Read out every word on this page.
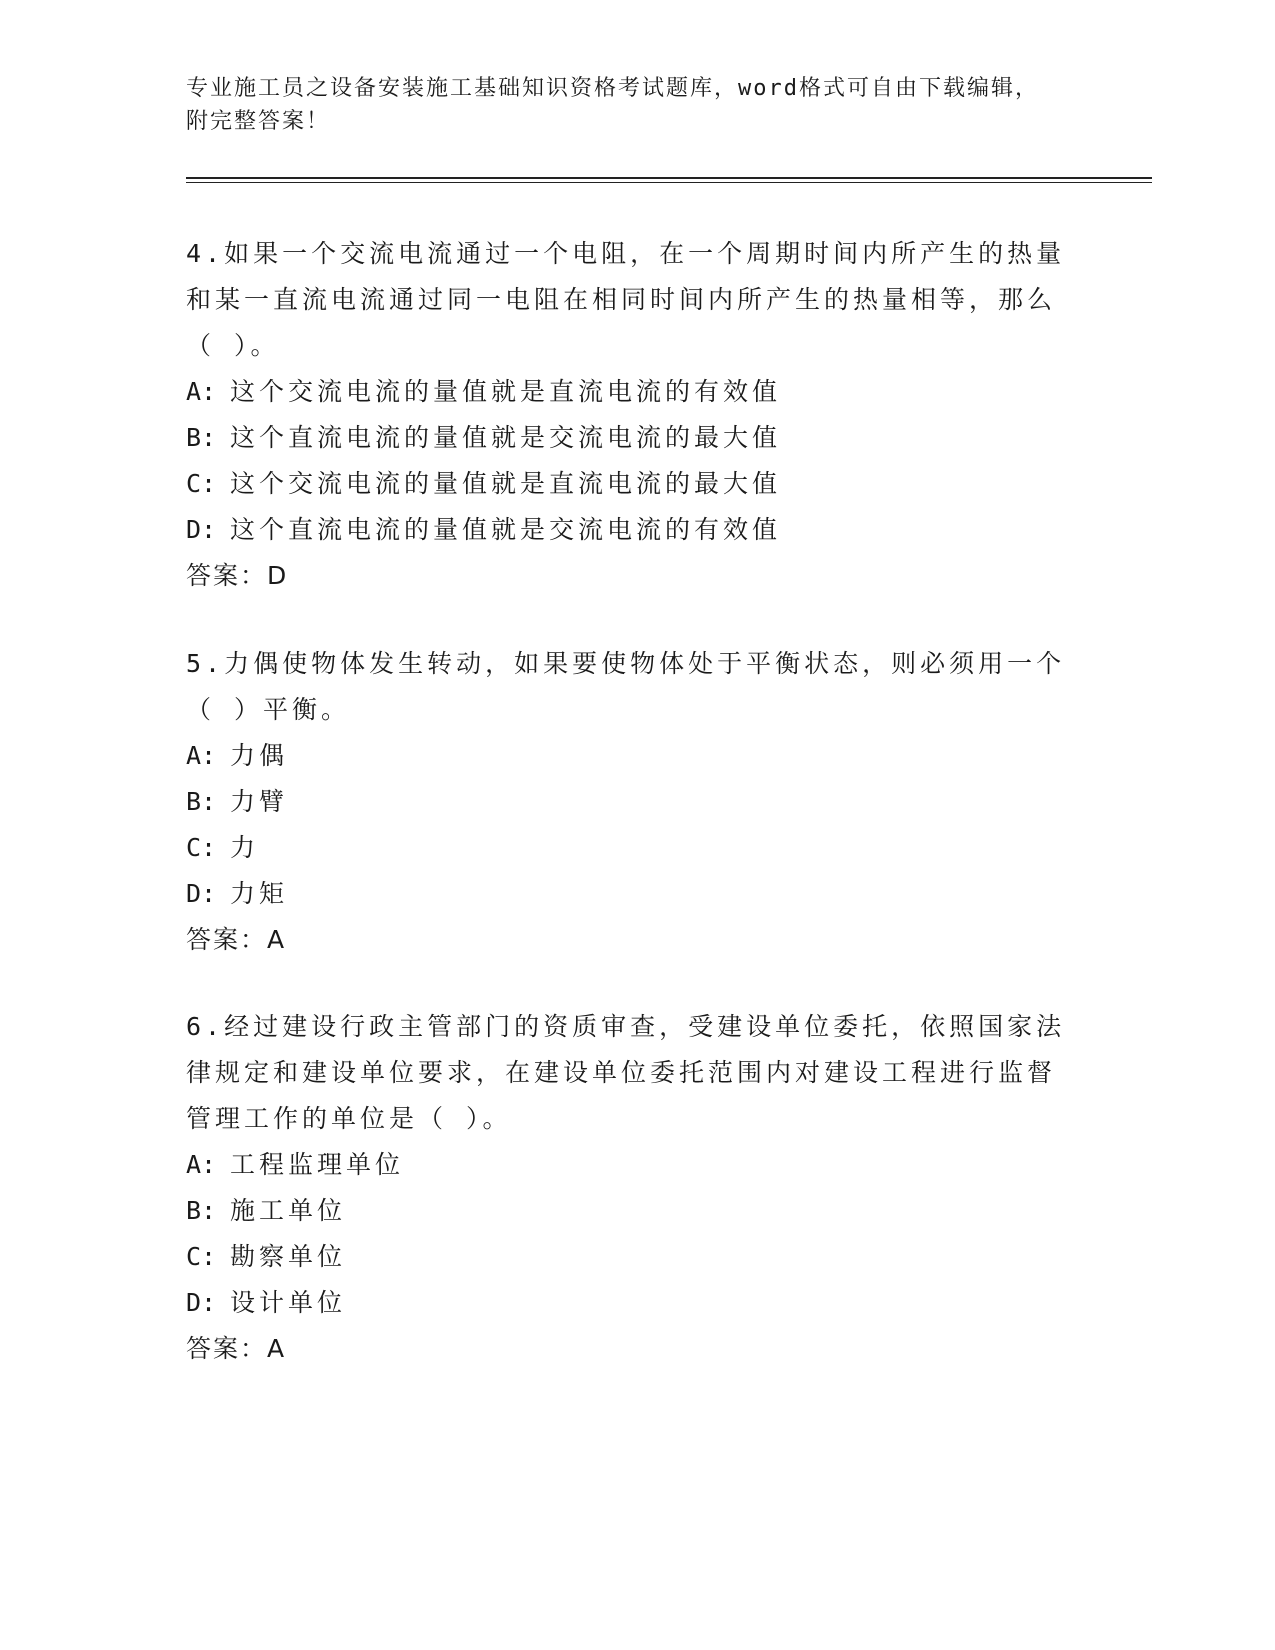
专业施工员之设备安装施工基础知识资格考试题库，word格式可自由下载编辑，
附完整答案！
4.如果一个交流电流通过一个电阻，在一个周期时间内所产生的热量
和某一直流电流通过同一电阻在相同时间内所产生的热量相等，那么
（ ）。
A: 这个交流电流的量值就是直流电流的有效值
B: 这个直流电流的量值就是交流电流的最大值
C: 这个交流电流的量值就是直流电流的最大值
D: 这个直流电流的量值就是交流电流的有效值
答案：D
5.力偶使物体发生转动，如果要使物体处于平衡状态，则必须用一个
（ ）平衡。
A: 力偶
B: 力臂
C: 力
D: 力矩
答案：A
6.经过建设行政主管部门的资质审查，受建设单位委托，依照国家法
律规定和建设单位要求，在建设单位委托范围内对建设工程进行监督
管理工作的单位是（ ）。
A: 工程监理单位
B: 施工单位
C: 勘察单位
D: 设计单位
答案：A
